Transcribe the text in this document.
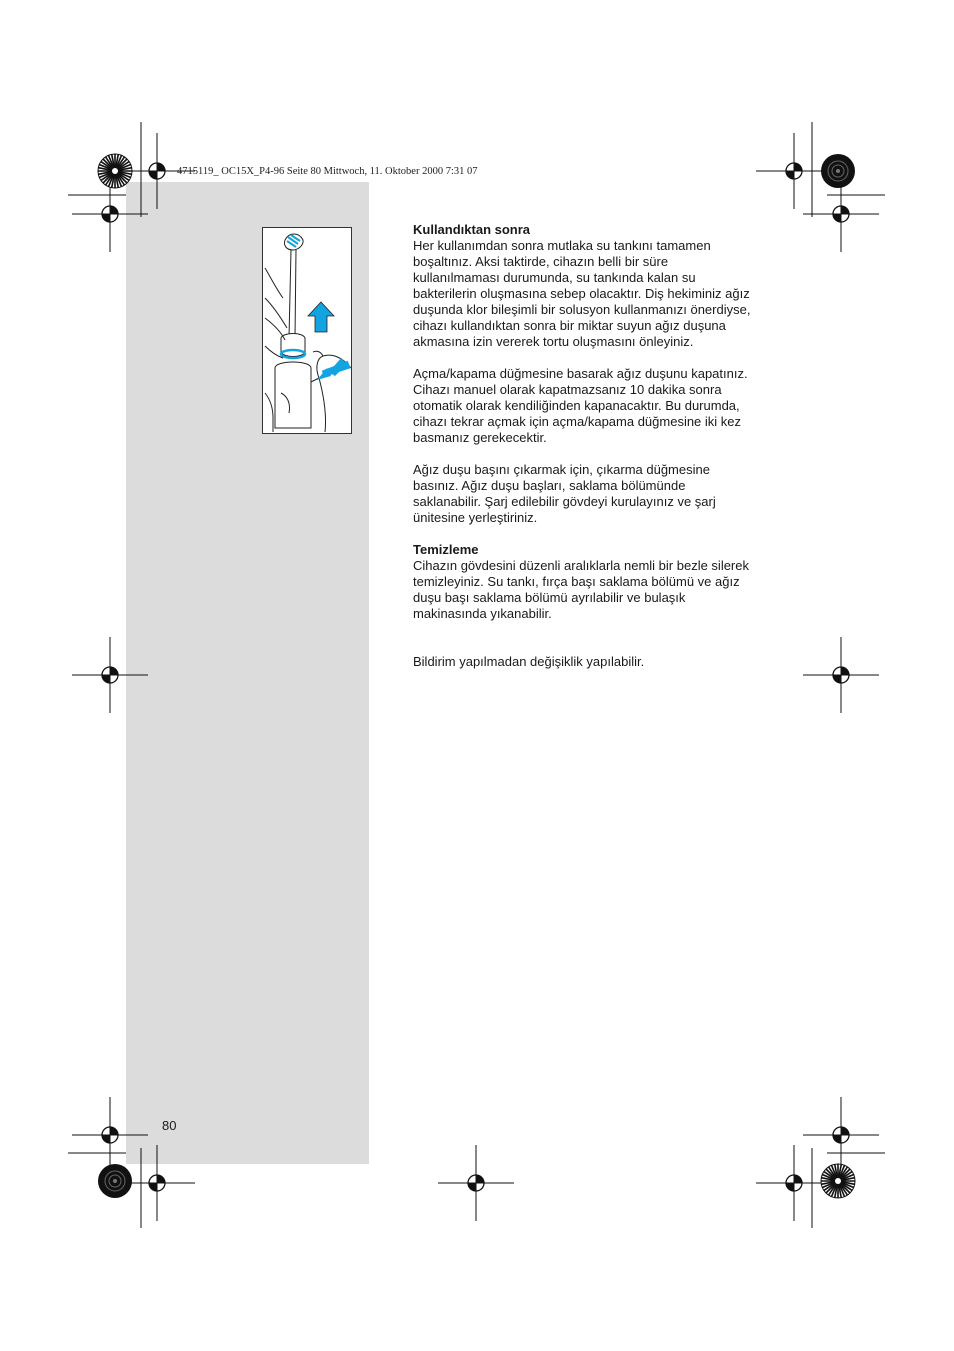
4715119_ OC15X_P4-96 Seite 80 Mittwoch, 11. Oktober 2000 7:31 07
Kullandıktan sonra

Her kullanımdan sonra mutlaka su tankını tamamen
boşaltınız. Aksi taktirde, cihazın belli bir süre
kullanılmaması durumunda, su tankında kalan su
bakterilerin oluşmasına sebep olacaktır. Diş hekiminiz ağız
duşunda klor bileşimli bir solusyon kullanmanızı önerdiyse,
cihazı kullandıktan sonra bir miktar suyun ağız duşuna
akmasına izin vererek tortu oluşmasını önleyiniz.

Açma/kapama düğmesine basarak ağız duşunu kapatınız.
Cihazı manuel olarak kapatmazsanız 10 dakika sonra
otomatik olarak kendiliğinden kapanacaktır. Bu durumda,
cihazı tekrar açmak için açma/kapama düğmesine iki kez
basmanız gerekecektir.

Ağız duşu başını çıkarmak için, çıkarma düğmesine
basınız. Ağız duşu başları, saklama bölümünde
saklanabilir. Şarj edilebilir gövdeyi kurulayınız ve şarj
ünitesine yerleştiriniz.

Temizleme

Cihazın gövdesini düzenli aralıklarla nemli bir bezle silerek
temizleyiniz. Su tankı, fırça başı saklama bölümü ve ağız
duşu başı saklama bölümü ayrılabilir ve bulaşık
makinasında yıkanabilir.

Bildirim yapılmadan değişiklik yapılabilir.

80
